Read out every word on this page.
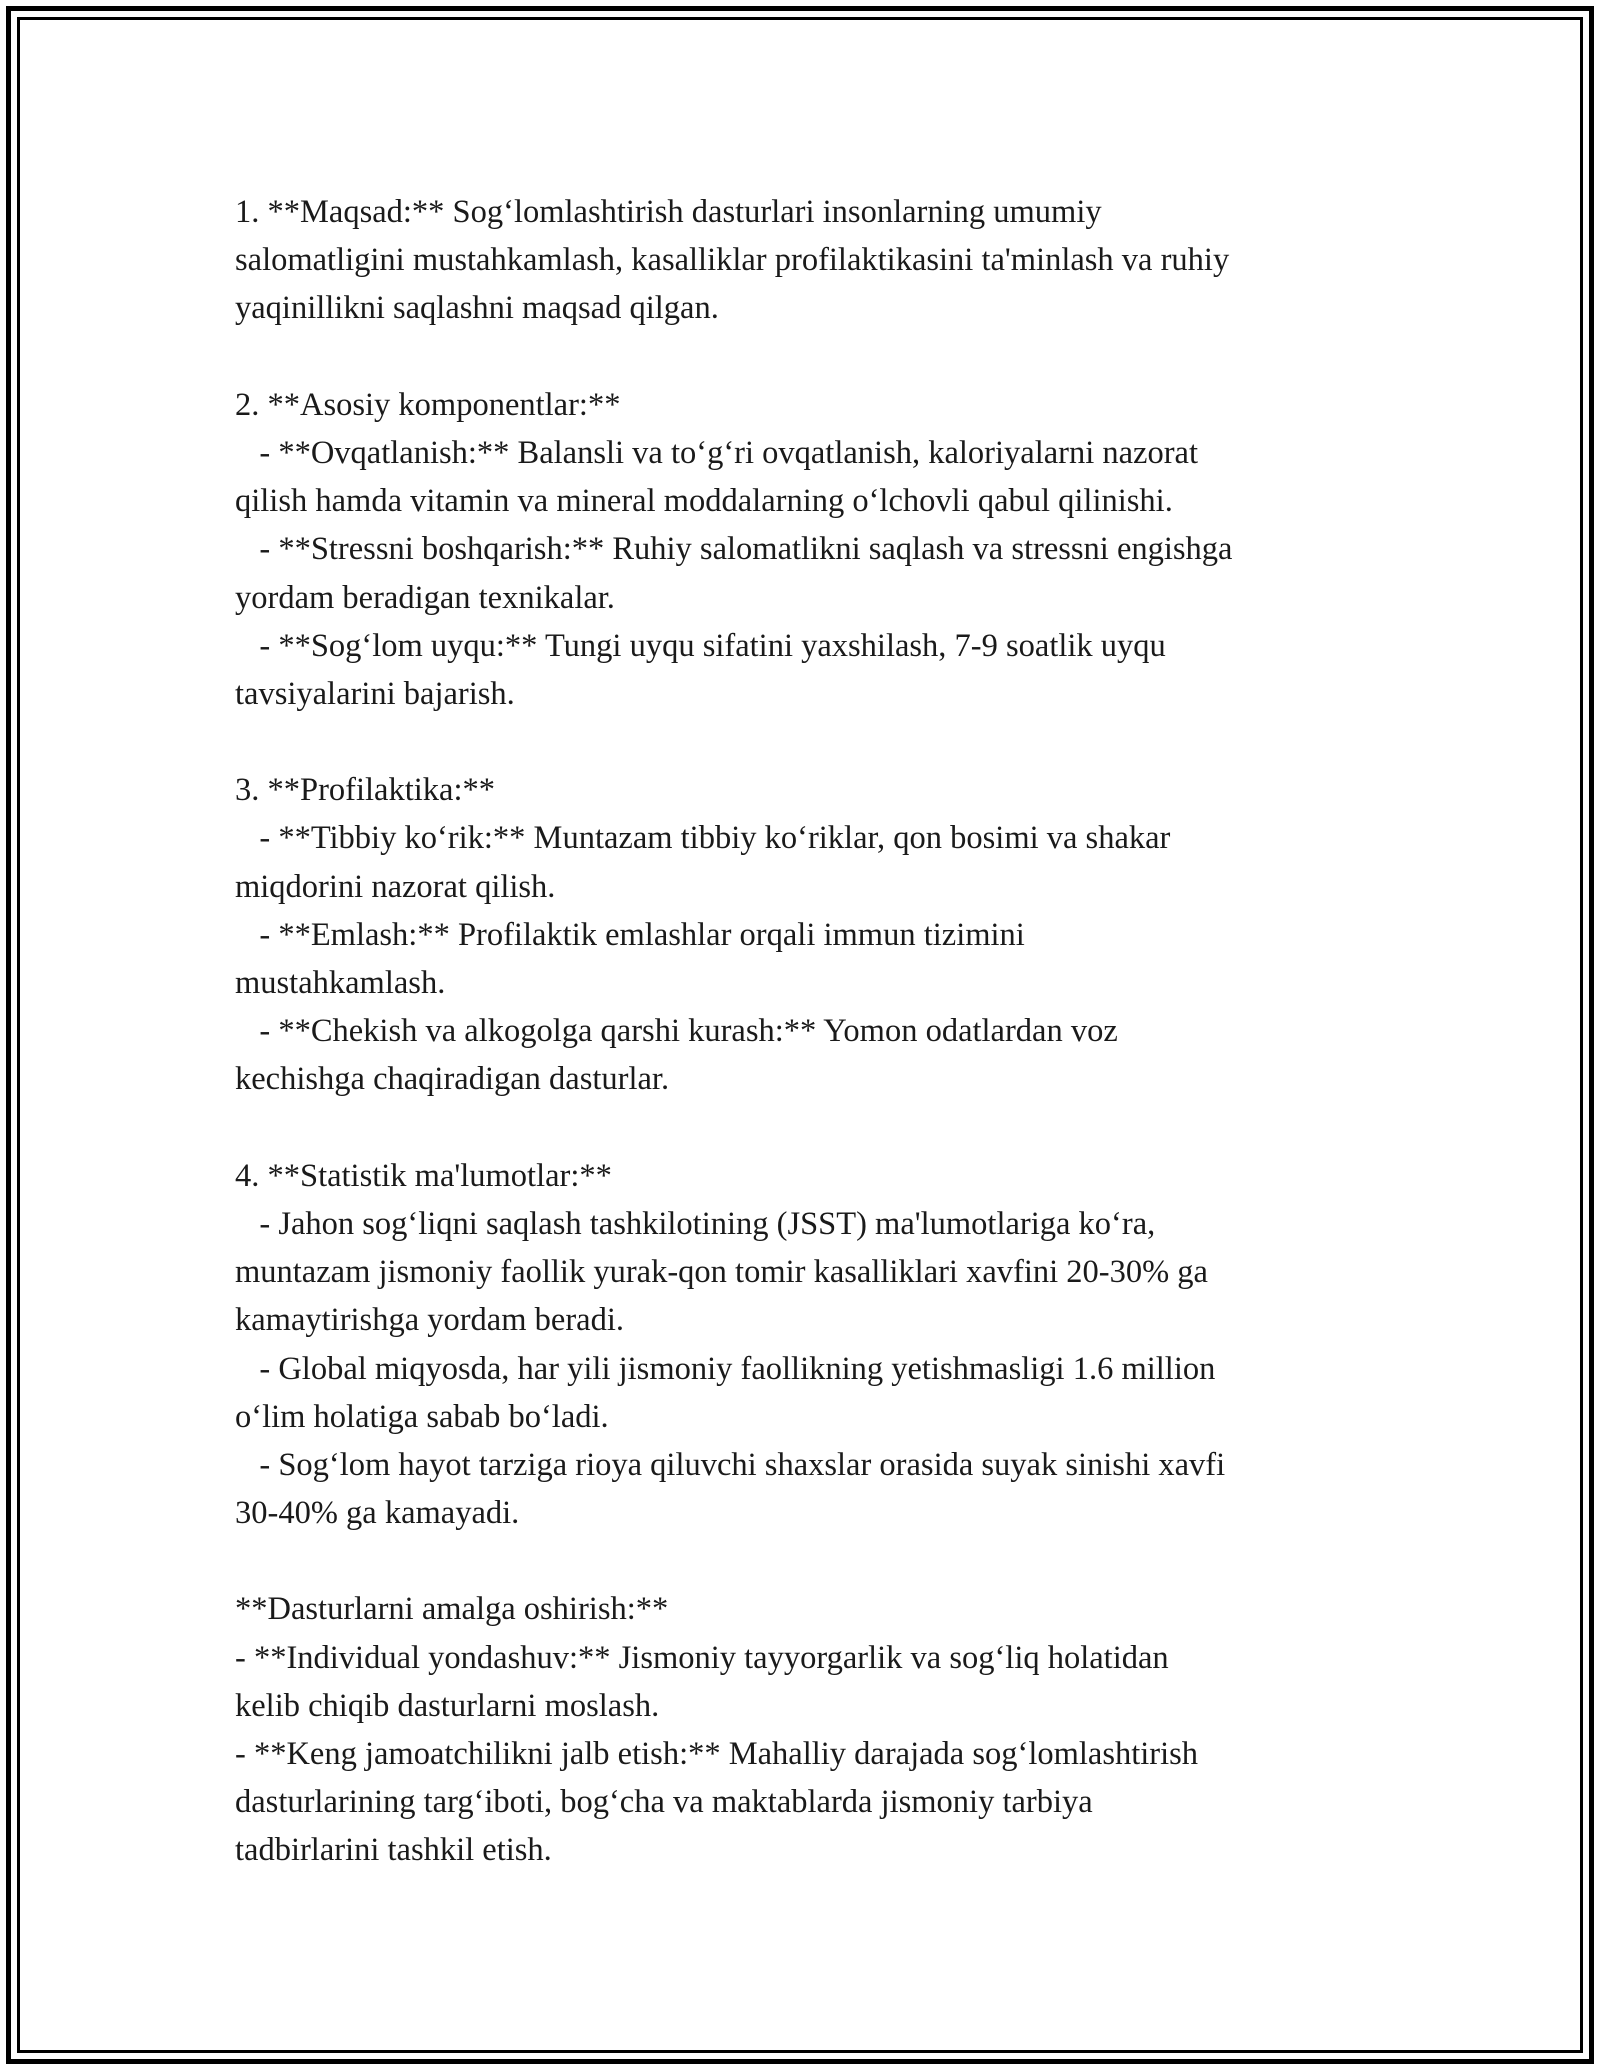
1. **Maqsad:** Sog‘lomlashtirish dasturlari insonlarning umumiy
salomatligini mustahkamlash, kasalliklar profilaktikasini ta'minlash va ruhiy
yaqinillikni saqlashni maqsad qilgan.
2. **Asosiy komponentlar:**
- **Ovqatlanish:** Balansli va to‘g‘ri ovqatlanish, kaloriyalarni nazorat
qilish hamda vitamin va mineral moddalarning o‘lchovli qabul qilinishi.
- **Stressni boshqarish:** Ruhiy salomatlikni saqlash va stressni engishga
yordam beradigan texnikalar.
- **Sog‘lom uyqu:** Tungi uyqu sifatini yaxshilash, 7-9 soatlik uyqu
tavsiyalarini bajarish.
3. **Profilaktika:**
- **Tibbiy ko‘rik:** Muntazam tibbiy ko‘riklar, qon bosimi va shakar
miqdorini nazorat qilish.
- **Emlash:** Profilaktik emlashlar orqali immun tizimini
mustahkamlash.
- **Chekish va alkogolga qarshi kurash:** Yomon odatlardan voz
kechishga chaqiradigan dasturlar.
4. **Statistik ma'lumotlar:**
- Jahon sog‘liqni saqlash tashkilotining (JSST) ma'lumotlariga ko‘ra,
muntazam jismoniy faollik yurak-qon tomir kasalliklari xavfini 20-30% ga
kamaytirishga yordam beradi.
- Global miqyosda, har yili jismoniy faollikning yetishmasligi 1.6 million
o‘lim holatiga sabab bo‘ladi.
- Sog‘lom hayot tarziga rioya qiluvchi shaxslar orasida suyak sinishi xavfi
30-40% ga kamayadi.
**Dasturlarni amalga oshirish:**
- **Individual yondashuv:** Jismoniy tayyorgarlik va sog‘liq holatidan
kelib chiqib dasturlarni moslash.
- **Keng jamoatchilikni jalb etish:** Mahalliy darajada sog‘lomlashtirish
dasturlarining targ‘iboti, bog‘cha va maktablarda jismoniy tarbiya
tadbirlarini tashkil etish.
